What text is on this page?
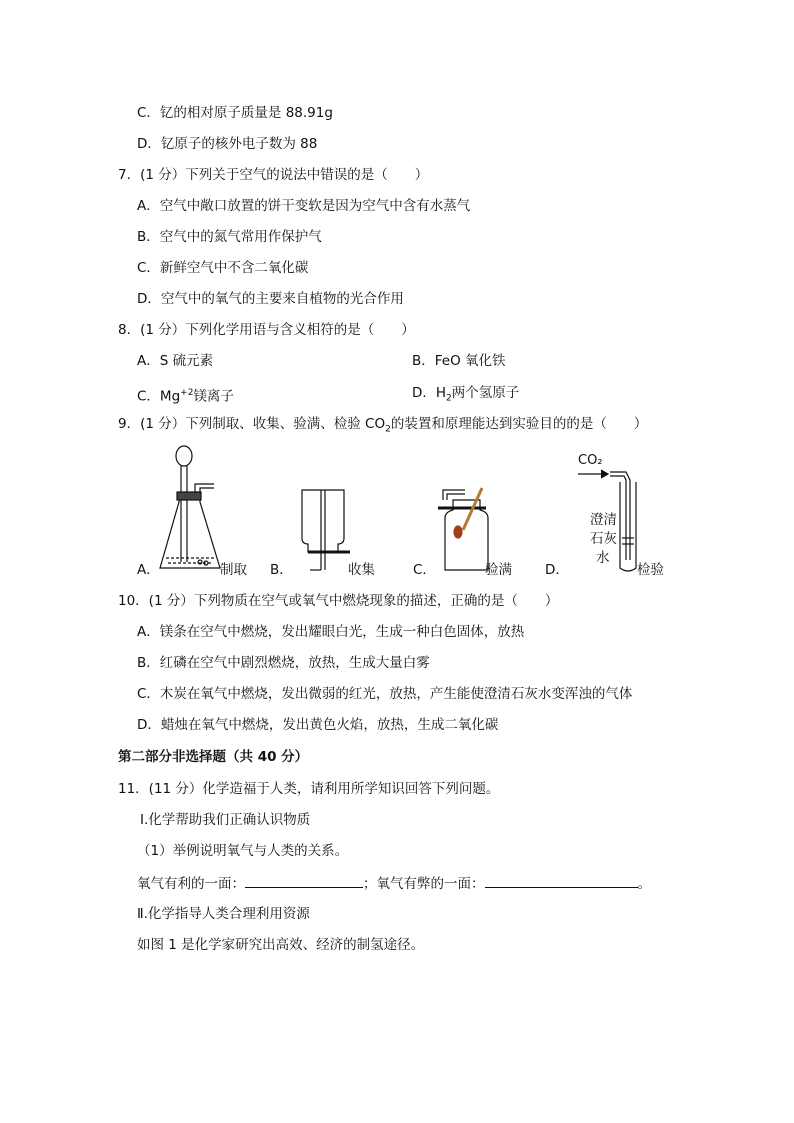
C．钇的相对原子质量是 88.91g
D．钇原子的核外电子数为 88
7．(1 分）下列关于空气的说法中错误的是（　　）
A．空气中敞口放置的饼干变软是因为空气中含有水蒸气
B．空气中的氮气常用作保护气
C．新鲜空气中不含二氧化碳
D．空气中的氧气的主要来自植物的光合作用
8．(1 分）下列化学用语与含义相符的是（　　）
A．S 硫元素	B．FeO 氧化铁
C．$Mg^{+2}$镁离子	D．$H_2$两个氢原子
9．(1 分）下列制取、收集、验满、检验 $CO_2$的装置和原理能达到实验目的的是（　　）
CO₂
澄清
石灰
水
A．	制取 B．	收集	C．	验满 D．	检验
10．(1 分）下列物质在空气或氧气中燃烧现象的描述，正确的是（　　）
A．镁条在空气中燃烧，发出耀眼白光，生成一种白色固体，放热
B．红磷在空气中剧烈燃烧，放热，生成大量白雾
C．木炭在氧气中燃烧，发出微弱的红光，放热，产生能使澄清石灰水变浑浊的气体
D．蜡烛在氧气中燃烧，发出黄色火焰，放热，生成二氧化碳
第二部分非选择题（共 40 分）
11．(11 分）化学造福于人类，请利用所学知识回答下列问题。
Ⅰ.化学帮助我们正确认识物质
（1）举例说明氧气与人类的关系。
氧气有利的一面：	；氧气有弊的一面：	。
Ⅱ.化学指导人类合理利用资源
如图 1 是化学家研究出高效、经济的制氢途径。
